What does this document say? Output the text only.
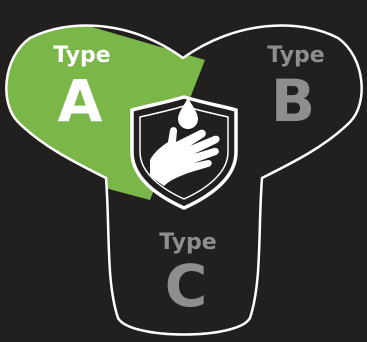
Type
A
Type
B
Type
C
